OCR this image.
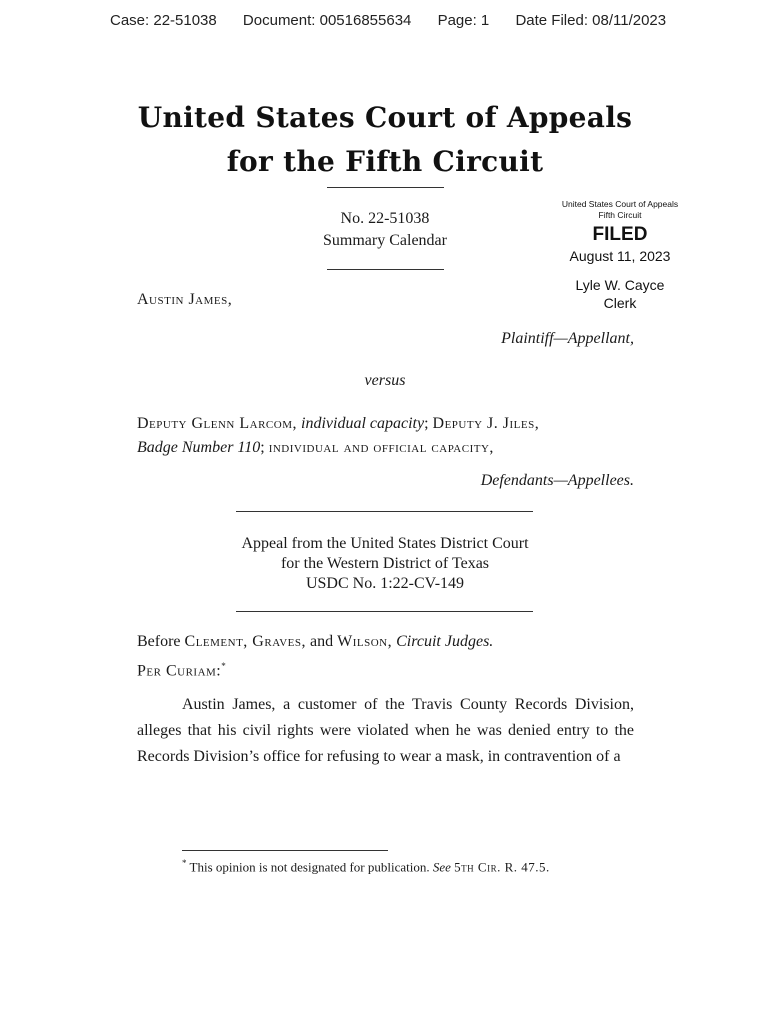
Case: 22-51038 Document: 00516855634 Page: 1 Date Filed: 08/11/2023
United States Court of Appeals
for the Fifth Circuit
No. 22-51038
Summary Calendar
United States Court of Appeals
Fifth Circuit
FILED
August 11, 2023
Lyle W. Cayce
Clerk
Austin James,
Plaintiff—Appellant,
versus
Deputy Glenn Larcom, individual capacity; Deputy J. Jiles,
Badge Number 110; individual and official capacity,
Defendants—Appellees.
Appeal from the United States District Court
for the Western District of Texas
USDC No. 1:22-CV-149
Before Clement, Graves, and Wilson, Circuit Judges.
Per Curiam:*

Austin James, a customer of the Travis County Records Division, alleges that his civil rights were violated when he was denied entry to the Records Division’s office for refusing to wear a mask, in contravention of a

* This opinion is not designated for publication. See 5th Cir. R. 47.5.
